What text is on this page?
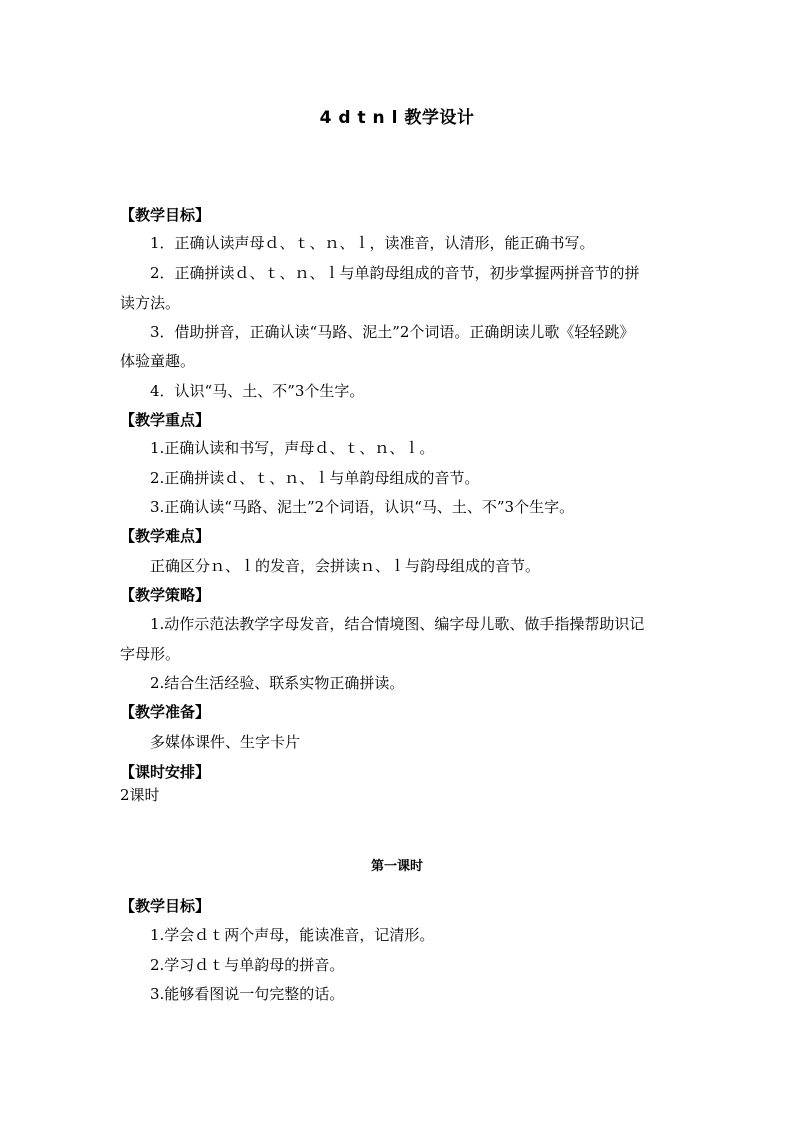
4 d t n l 教学设计
【教学目标】
1．正确认读声母ｄ、ｔ、ｎ、ｌ，读准音，认清形，能正确书写。
2．正确拼读ｄ、ｔ、ｎ、ｌ与单韵母组成的音节，初步掌握两拼音节的拼
读方法。
3．借助拼音，正确认读“马路、泥土”2个词语。正确朗读儿歌《轻轻跳》
体验童趣。
4．认识“马、土、不”3个生字。
【教学重点】
1.正确认读和书写，声母ｄ、ｔ、ｎ、ｌ。
2.正确拼读ｄ、ｔ、ｎ、ｌ与单韵母组成的音节。
3.正确认读“马路、泥土”2个词语，认识“马、土、不”3个生字。
【教学难点】
正确区分ｎ、ｌ的发音，会拼读ｎ、ｌ与韵母组成的音节。
【教学策略】
1.动作示范法教学字母发音，结合情境图、编字母儿歌、做手指操帮助识记
字母形。
2.结合生活经验、联系实物正确拼读。
【教学准备】
多媒体课件、生字卡片
【课时安排】
2课时
第一课时
【教学目标】
1.学会ｄｔ两个声母，能读准音，记清形。
2.学习ｄｔ与单韵母的拼音。
3.能够看图说一句完整的话。
